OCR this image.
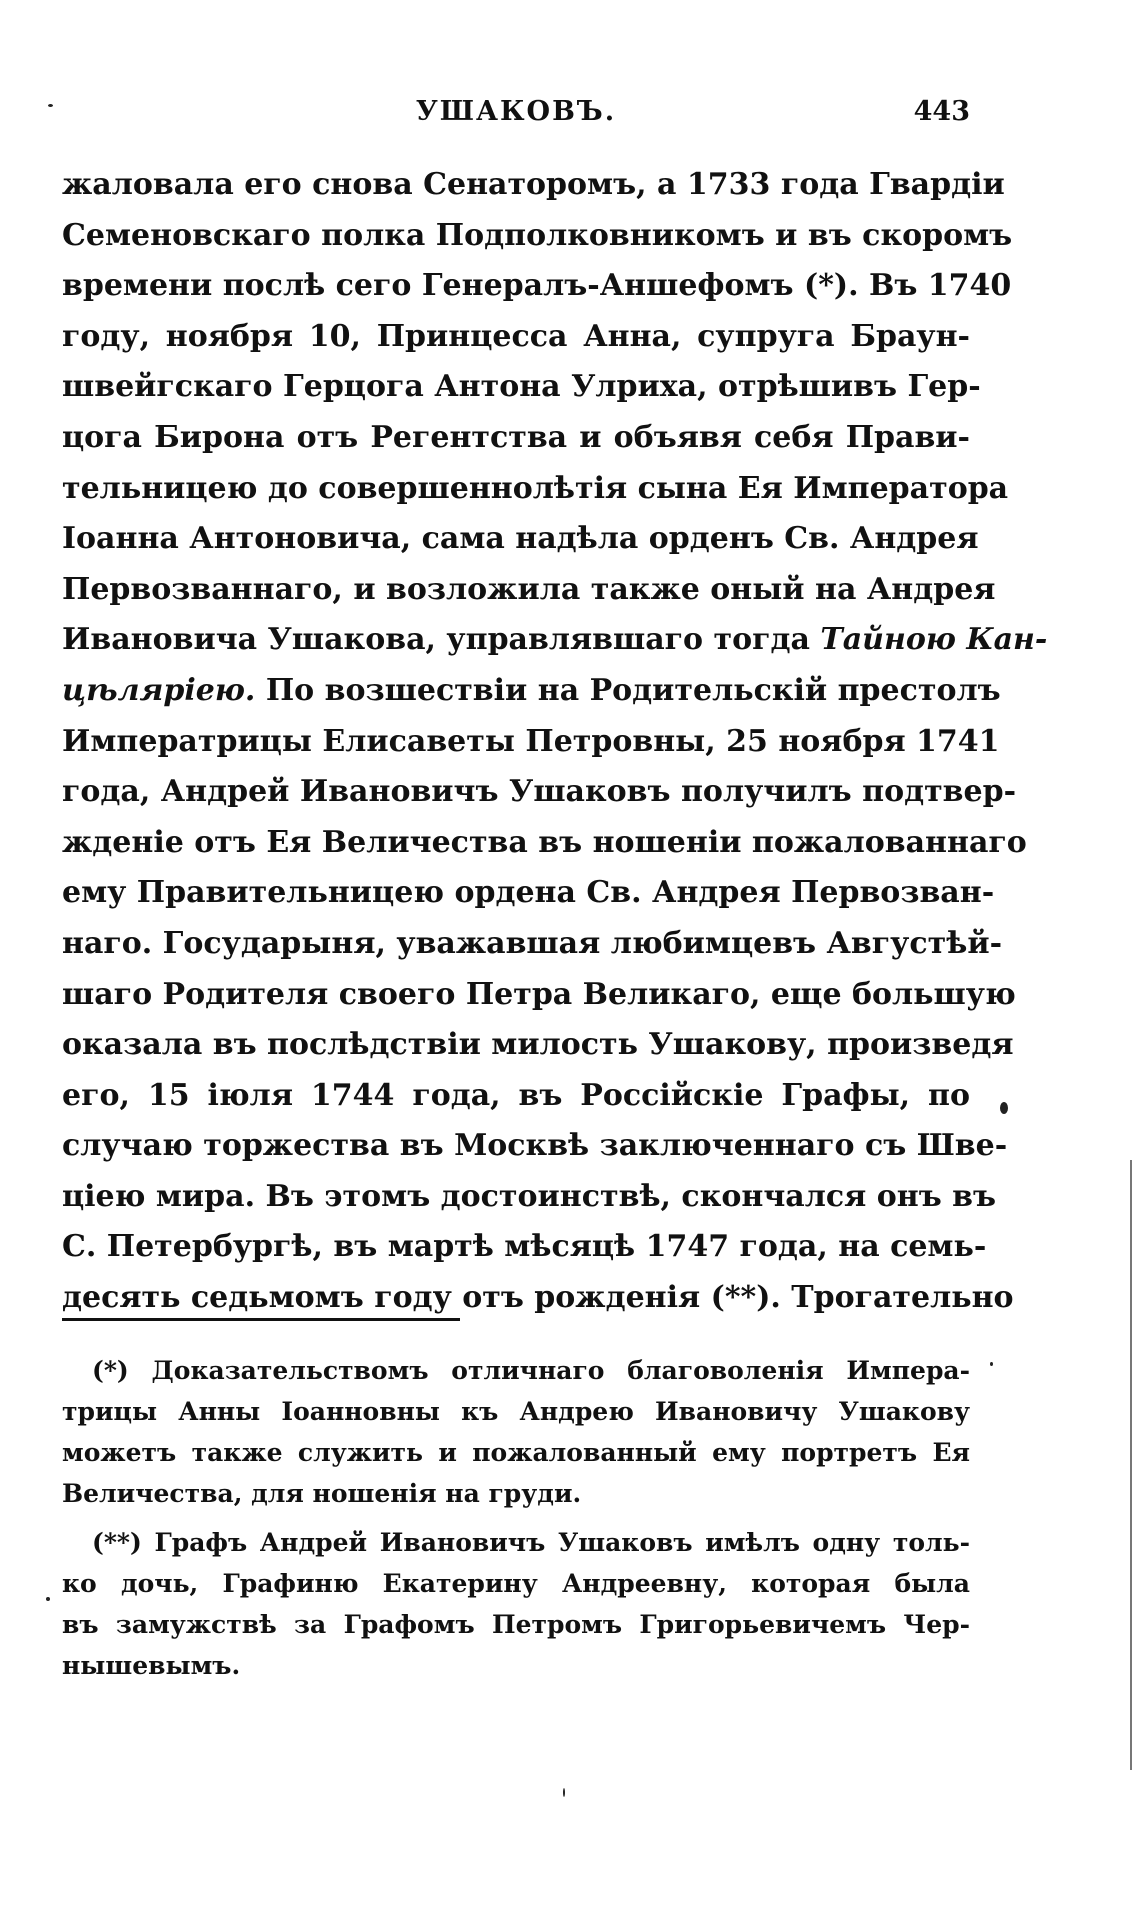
УШАКОВЪ.	443
жаловала его снова Сенаторомъ, а 1733 года Гвардіи
Семеновскаго полка Подполковникомъ и въ скоромъ
времени послѣ сего Генералъ-Аншефомъ (*). Въ 1740
году, ноября 10, Принцесса Анна, супруга Браун-
швейгскаго Герцога Антона Улриха, отрѣшивъ Гер-
цога Бирона отъ Регентства и объявя себя Прави-
тельницею до совершеннолѣтія сына Ея Императора
Іоанна Антоновича, сама надѣла орденъ Св. Андрея
Первозваннаго, и возложила также оный на Андрея
Ивановича Ушакова, управлявшаго тогда Тайною Кан-
цѣлярiею. По возшествіи на Родительскій престолъ
Императрицы Елисаветы Петровны, 25 ноября 1741
года, Андрей Ивановичъ Ушаковъ получилъ подтвер-
жденіе отъ Ея Величества въ ношеніи пожалованнаго
ему Правительницею ордена Св. Андрея Первозван-
наго. Государыня, уважавшая любимцевъ Августѣй-
шаго Родителя своего Петра Великаго, еще большую
оказала въ послѣдствіи милость Ушакову, произведя
его, 15 іюля 1744 года, въ Россійскіе Графы, по
случаю торжества въ Москвѣ заключеннаго съ Шве-
ціею мира. Въ этомъ достоинствѣ, скончался онъ въ
С. Петербургѣ, въ мартѣ мѣсяцѣ 1747 года, на семь-
десять седьмомъ году отъ рожденія (**). Трогательно
(*) Доказательствомъ отличнаго благоволенія Импера-
трицы Анны Іоанновны къ Андрею Ивановичу Ушакову
можетъ также служить и пожалованный ему портретъ Ея
Величества, для ношенія на груди.
(**) Графъ Андрей Ивановичъ Ушаковъ имѣлъ одну толь-
ко дочь, Графиню Екатерину Андреевну, которая была
въ замужствѣ за Графомъ Петромъ Григорьевичемъ Чер-
нышевымъ.
